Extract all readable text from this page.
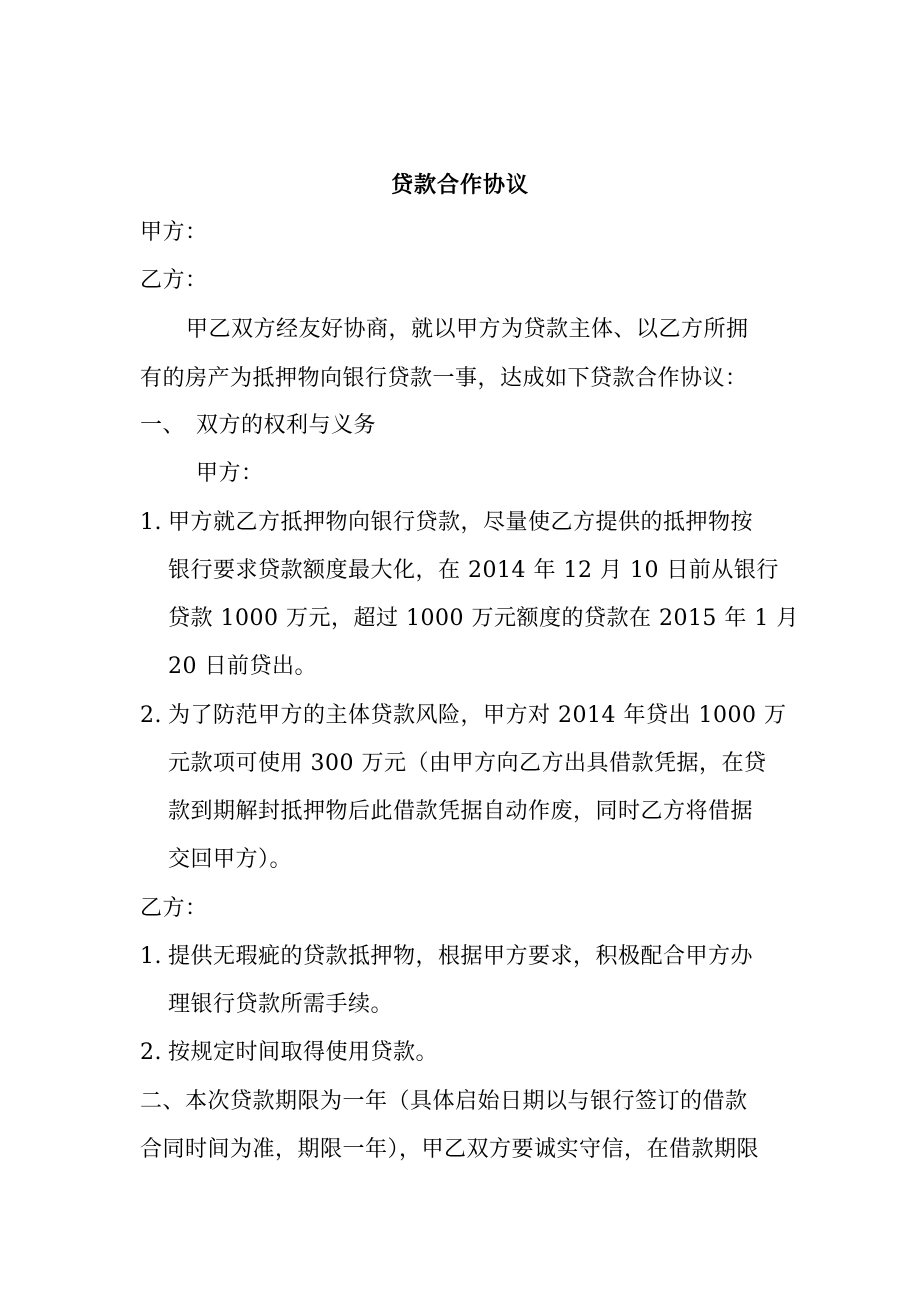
贷款合作协议
甲方：
乙方：
甲乙双方经友好协商，就以甲方为贷款主体、以乙方所拥
有的房产为抵押物向银行贷款一事，达成如下贷款合作协议：
一、 双方的权利与义务
甲方：
1. 甲方就乙方抵押物向银行贷款，尽量使乙方提供的抵押物按
银行要求贷款额度最大化，在 2014 年 12 月 10 日前从银行
贷款 1000 万元，超过 1000 万元额度的贷款在 2015 年 1 月
20 日前贷出。
2. 为了防范甲方的主体贷款风险，甲方对 2014 年贷出 1000 万
元款项可使用 300 万元（由甲方向乙方出具借款凭据，在贷
款到期解封抵押物后此借款凭据自动作废，同时乙方将借据
交回甲方）。
乙方：
1. 提供无瑕疵的贷款抵押物，根据甲方要求，积极配合甲方办
理银行贷款所需手续。
2. 按规定时间取得使用贷款。
二、本次贷款期限为一年（具体启始日期以与银行签订的借款
合同时间为准，期限一年），甲乙双方要诚实守信，在借款期限
